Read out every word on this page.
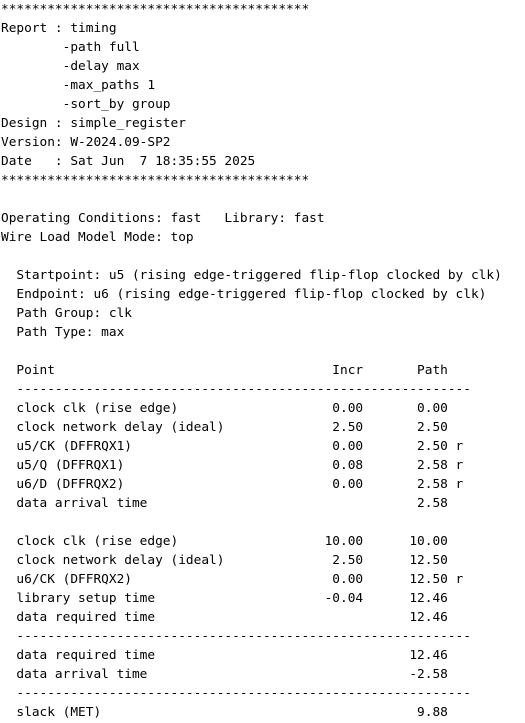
****************************************
Report : timing
-path full
-delay max
-max_paths 1
-sort_by group
Design : simple_register
Version: W-2024.09-SP2
Date   : Sat Jun  7 18:35:55 2025
****************************************
Operating Conditions: fast   Library: fast
Wire Load Model Mode: top
Startpoint: u5 (rising edge-triggered flip-flop clocked by clk)
Endpoint: u6 (rising edge-triggered flip-flop clocked by clk)
Path Group: clk
Path Type: max
Point                                    Incr       Path
-----------------------------------------------------------
clock clk (rise edge)                    0.00       0.00
clock network delay (ideal)              2.50       2.50
u5/CK (DFFRQX1)                          0.00       2.50 r
u5/Q (DFFRQX1)                           0.08       2.58 r
u6/D (DFFRQX2)                           0.00       2.58 r
data arrival time                                   2.58
clock clk (rise edge)                   10.00      10.00
clock network delay (ideal)              2.50      12.50
u6/CK (DFFRQX2)                          0.00      12.50 r
library setup time                      -0.04      12.46
data required time                                 12.46
-----------------------------------------------------------
data required time                                 12.46
data arrival time                                  -2.58
-----------------------------------------------------------
slack (MET)                                         9.88
